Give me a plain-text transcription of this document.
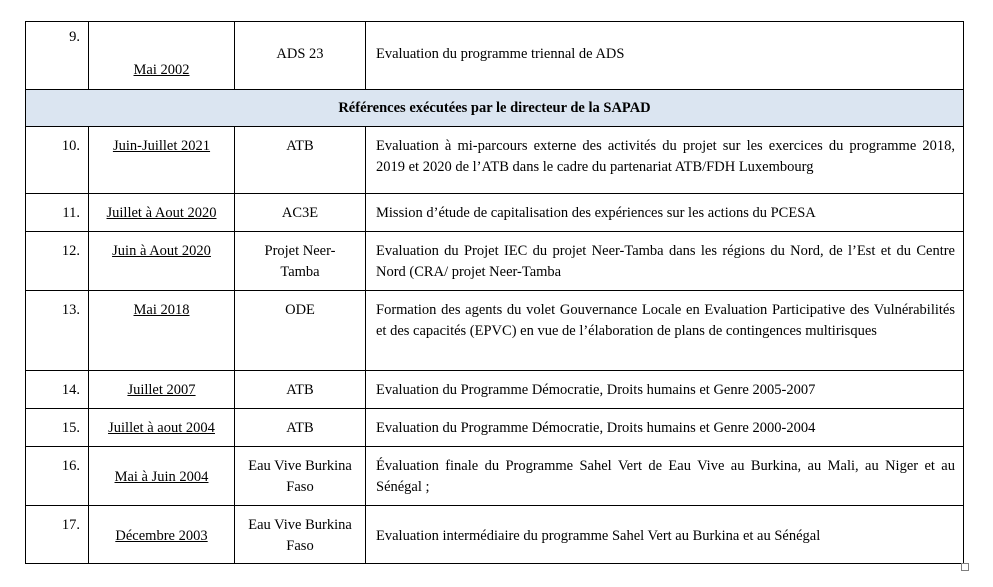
9.	Mai 2002	ADS 23	Evaluation du programme triennal de ADS

Références exécutées par le directeur de la SAPAD			

10.	Juin-Juillet 2021	ATB	Evaluation à mi-parcours externe des activités du projet sur les exercices du programme 2018, 2019 et 2020 de l’ATB dans le cadre du partenariat ATB/FDH Luxembourg

11.	Juillet à Aout 2020	AC3E	Mission d’étude de capitalisation des expériences sur les actions du PCESA

12.	Juin à Aout 2020	Projet Neer-Tamba	Evaluation du Projet IEC du projet Neer-Tamba dans les régions du Nord, de l’Est et du Centre Nord (CRA/ projet Neer-Tamba

13.	Mai 2018	ODE	Formation des agents du volet Gouvernance Locale en Evaluation Participative des Vulnérabilités et des capacités (EPVC) en vue de l’élaboration de plans de contingences multirisques

14.	Juillet 2007	ATB	Evaluation du Programme Démocratie, Droits humains et Genre 2005-2007

15.	Juillet à aout 2004	ATB	Evaluation du Programme Démocratie, Droits humains et Genre 2000-2004

16.	Mai à Juin 2004	Eau Vive Burkina Faso	Évaluation finale du Programme Sahel Vert de Eau Vive au Burkina, au Mali, au Niger et au Sénégal ;

17.	Décembre 2003	Eau Vive Burkina Faso	Evaluation intermédiaire du programme Sahel Vert au Burkina et au Sénégal
